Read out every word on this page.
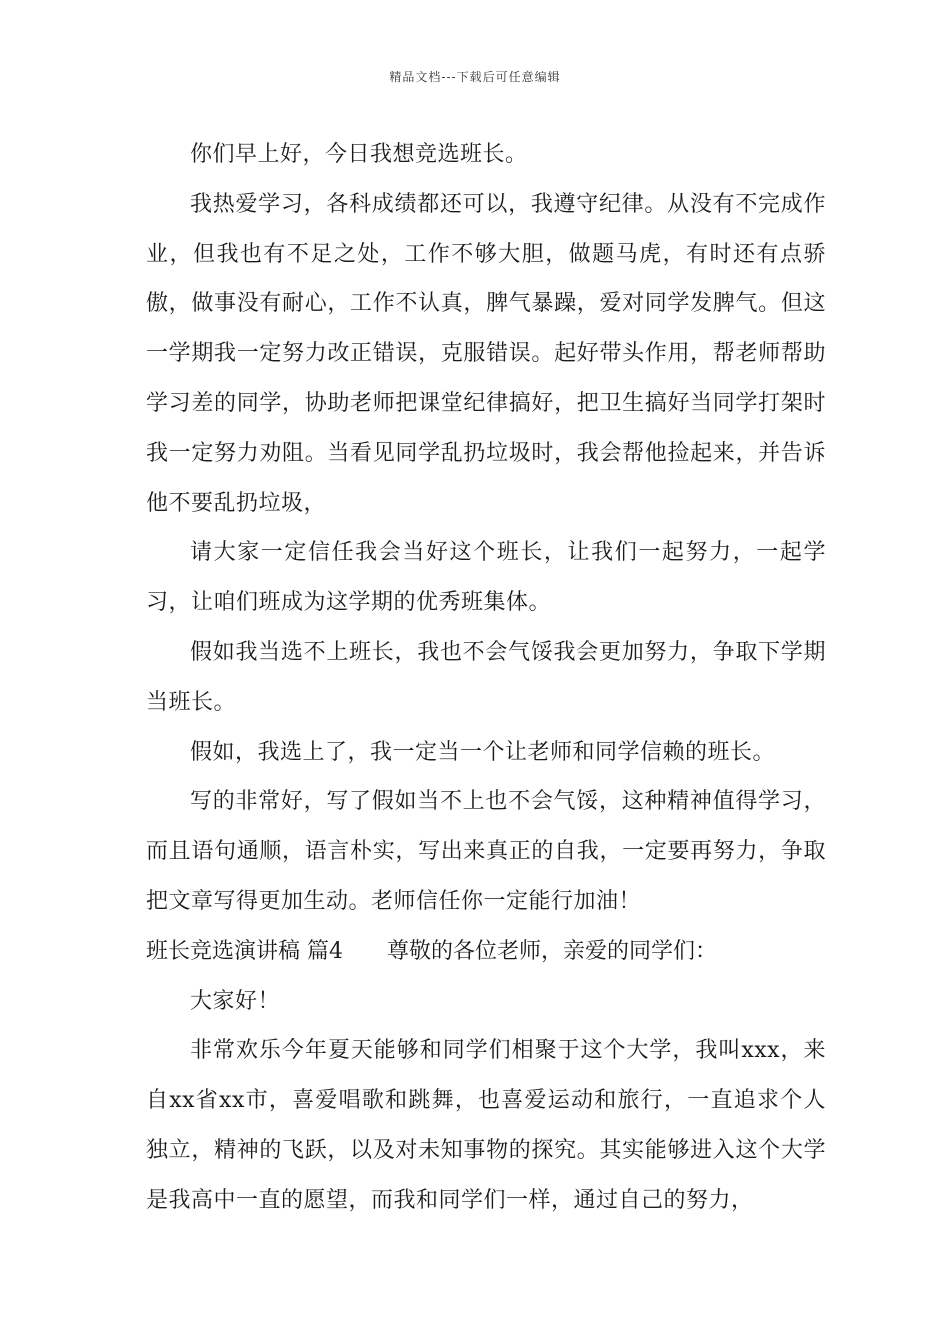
精品文档---下载后可任意编辑

你们早上好，今日我想竞选班长。

我热爱学习，各科成绩都还可以，我遵守纪律。从没有不完成作业，但我也有不足之处，工作不够大胆，做题马虎，有时还有点骄傲，做事没有耐心，工作不认真，脾气暴躁，爱对同学发脾气。但这一学期我一定努力改正错误，克服错误。起好带头作用，帮老师帮助学习差的同学，协助老师把课堂纪律搞好，把卫生搞好当同学打架时我一定努力劝阻。当看见同学乱扔垃圾时，我会帮他捡起来，并告诉他不要乱扔垃圾，

请大家一定信任我会当好这个班长，让我们一起努力，一起学习，让咱们班成为这学期的优秀班集体。

假如我当选不上班长，我也不会气馁我会更加努力，争取下学期当班长。

假如，我选上了，我一定当一个让老师和同学信赖的班长。

写的非常好，写了假如当不上也不会气馁，这种精神值得学习，而且语句通顺，语言朴实，写出来真正的自我，一定要再努力，争取把文章写得更加生动。老师信任你一定能行加油！

班长竞选演讲稿 篇4 尊敬的各位老师，亲爱的同学们：

大家好！

非常欢乐今年夏天能够和同学们相聚于这个大学，我叫xxx，来自xx省xx市，喜爱唱歌和跳舞，也喜爱运动和旅行，一直追求个人独立，精神的飞跃，以及对未知事物的探究。其实能够进入这个大学是我高中一直的愿望，而我和同学们一样，通过自己的努力，
